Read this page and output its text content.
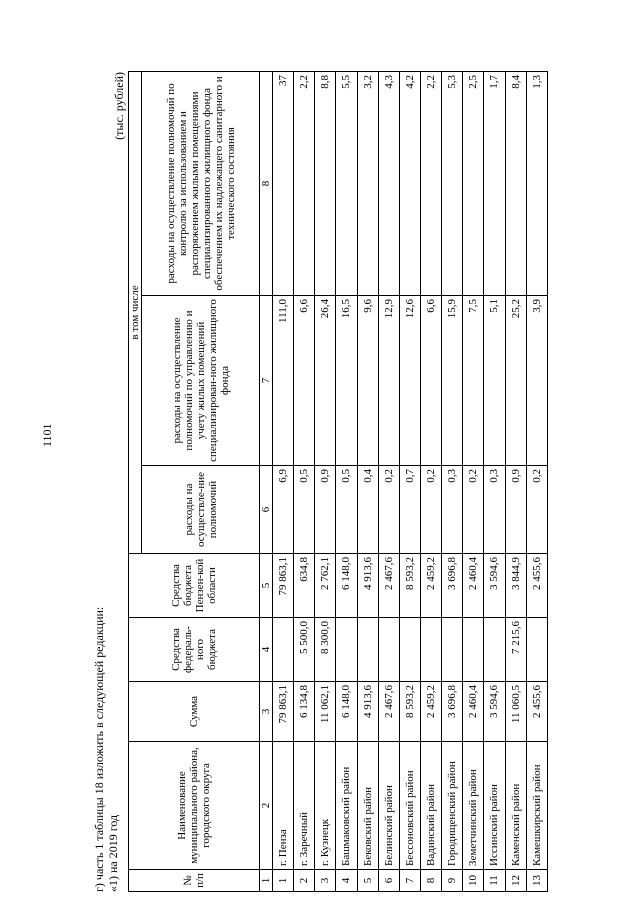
1101
г) часть 1 таблицы 18 изложить в следующей редакции: «1) на 2019 год
(тыс. рублей)
№ п/п	Наименование муниципального района, городского округа	Сумма	Средства федераль-ного бюджета	Средства бюджета Пензен-кой области	в том числе		
					расходы на осуществле-ние полномочий	расходы на осуществление полномочий по управлению и учету жилых помещений специализирован-ного жилищного фонда	расходы на осуществление полномочий по контролю за использованием и распоряжением жилыми помещениями специализированного жилищного фонда обеспечением их надлежащего санитарного и технического состояния
1	2	3	4	5	6	7	8
1	г. Пенза	79 863,1		79 863,1	6,9	111,0	37
2	г. Заречный	6 134,8	5 500,0	634,8	0,5	6,6	2,2
3	г. Кузнецк	11 062,1	8 300,0	2 762,1	0,9	26,4	8,8
4	Башмаковский район	6 148,0		6 148,0	0,5	16,5	5,5
5	Бековский район	4 913,6		4 913,6	0,4	9,6	3,2
6	Белинский район	2 467,6		2 467,6	0,2	12,9	4,3
7	Бессоновский район	8 593,2		8 593,2	0,7	12,6	4,2
8	Вадинский район	2 459,2		2 459,2	0,2	6,6	2,2
9	Городищенский район	3 696,8		3 696,8	0,3	15,9	5,3
10	Земетчинский район	2 460,4		2 460,4	0,2	7,5	2,5
11	Иссинский район	3 594,6		3 594,6	0,3	5,1	1,7
12	Каменский район	11 060,5	7 215,6	3 844,9	0,9	25,2	8,4
13	Камешкирский район	2 455,6		2 455,6	0,2	3,9	1,3
